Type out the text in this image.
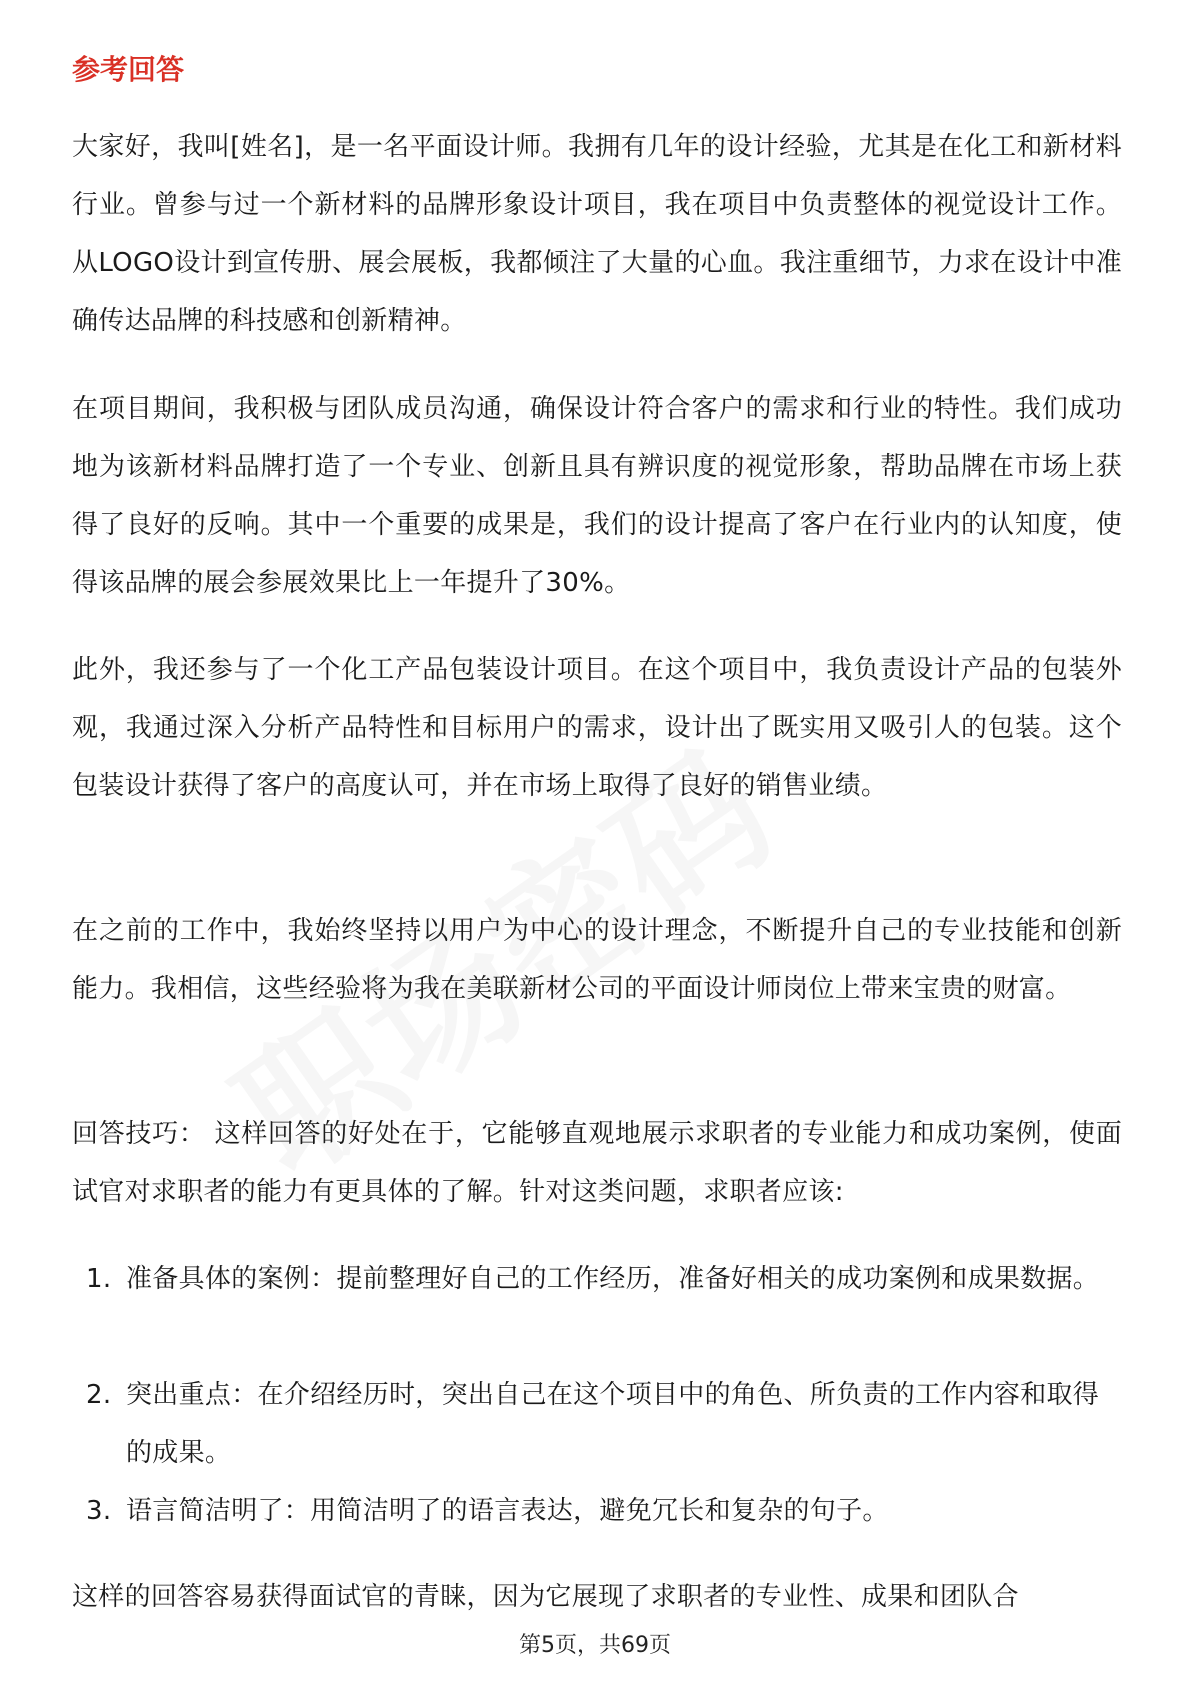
参考回答

大家好，我叫[姓名]，是一名平面设计师。我拥有几年的设计经验，尤其是在化工和新材料行业。曾参与过一个新材料的品牌形象设计项目，我在项目中负责整体的视觉设计工作。从LOGO设计到宣传册、展会展板，我都倾注了大量的心血。我注重细节，力求在设计中准确传达品牌的科技感和创新精神。

在项目期间，我积极与团队成员沟通，确保设计符合客户的需求和行业的特性。我们成功地为该新材料品牌打造了一个专业、创新且具有辨识度的视觉形象，帮助品牌在市场上获得了良好的反响。其中一个重要的成果是，我们的设计提高了客户在行业内的认知度，使得该品牌的展会参展效果比上一年提升了30%。

此外，我还参与了一个化工产品包装设计项目。在这个项目中，我负责设计产品的包装外观，我通过深入分析产品特性和目标用户的需求，设计出了既实用又吸引人的包装。这个包装设计获得了客户的高度认可，并在市场上取得了良好的销售业绩。

在之前的工作中，我始终坚持以用户为中心的设计理念，不断提升自己的专业技能和创新能力。我相信，这些经验将为我在美联新材公司的平面设计师岗位上带来宝贵的财富。

回答技巧： 这样回答的好处在于，它能够直观地展示求职者的专业能力和成功案例，使面试官对求职者的能力有更具体的了解。针对这类问题，求职者应该:

1. 准备具体的案例：提前整理好自己的工作经历，准备好相关的成功案例和成果数据。
2. 突出重点：在介绍经历时，突出自己在这个项目中的角色、所负责的工作内容和取得的成果。
3. 语言简洁明了：用简洁明了的语言表达，避免冗长和复杂的句子。

这样的回答容易获得面试官的青睐，因为它展现了求职者的专业性、成果和团队合

第5页，共69页
